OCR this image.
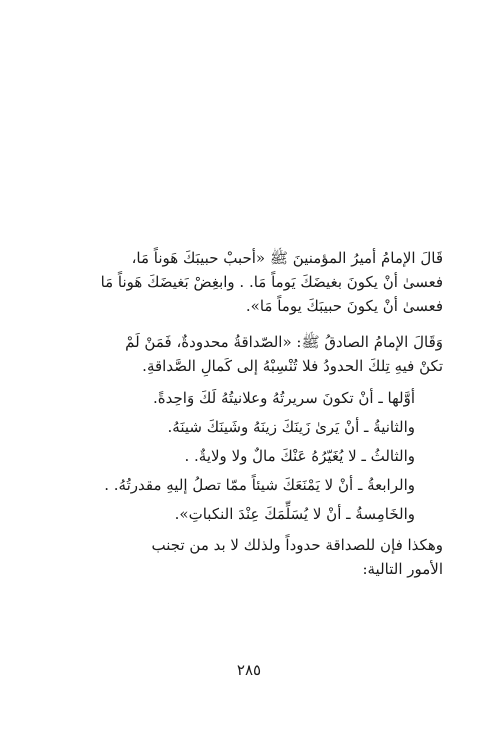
قَالَ الإمامُ أميرُ المؤمنينَ ﷺ «أحببْ حبيبَكَ هَوناً مَا،
فعسىٰ أنْ يكونَ بغيضَكَ يَوماً مَا. . وابغِضْ بَغيضَكَ هَوناً مَا
فعسىٰ أنْ يكونَ حبيبَكَ يوماً مَا».
وَقَالَ الإمامُ الصادقُ ﷺ: «الصّداقةُ محدودةٌ، فَمَنْ لَمْ
تكنْ فيهِ تِلكَ الحدودُ فلا تُنْسِبْهُ إلى كَمالِ الصَّداقةِ.
أوَّلها ـ أنْ تكونَ سريرتُهُ وعلانيتُهُ لَكَ وَاحِدةً.
والثانيةُ ـ أنْ يَرىٰ زَينَكَ زينَهُ وشَينَكَ شينَهُ.
والثالثُ ـ لا يُغَيّرُهُ عَنْكَ مالٌ ولا ولايةٌ. .
والرابعةُ ـ أنْ لا يَمْنَعَكَ شيئاً ممّا تصلُ إليهِ مقدرتُهُ. .
والخَامِسةُ ـ أنْ لا يُسَلِّمَكَ عِنْدَ النكباتِ».
وهكذا فإن للصداقة حدوداً ولذلك لا بد من تجنب
الأمور التالية:
٢٨٥
